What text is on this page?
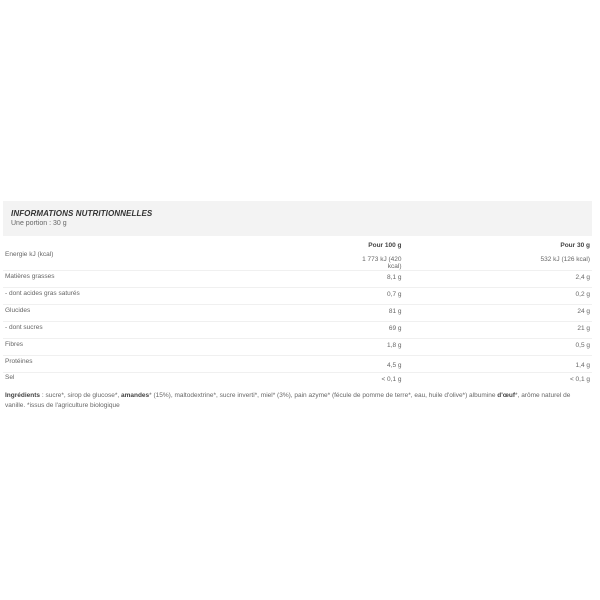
INFORMATIONS NUTRITIONNELLES
Une portion : 30 g
	Pour 100 g	Pour 30 g
Energie kJ (kcal)	1 773 kJ (420 kcal)	532 kJ (126 kcal)
Matières grasses	8,1 g	2,4 g
- dont acides gras saturés	0,7 g	0,2 g
Glucides	81 g	24 g
- dont sucres	69 g	21 g
Fibres	1,8 g	0,5 g
Protéines	4,5 g	1,4 g
Sel	< 0,1 g	< 0,1 g
Ingrédients : sucre*, sirop de glucose*, amandes* (15%), maltodextrine*, sucre inverti*, miel* (3%), pain azyme* (fécule de pomme de terre*, eau, huile d'olive*) albumine d'œuf*, arôme naturel de vanille. *issus de l'agriculture biologique
